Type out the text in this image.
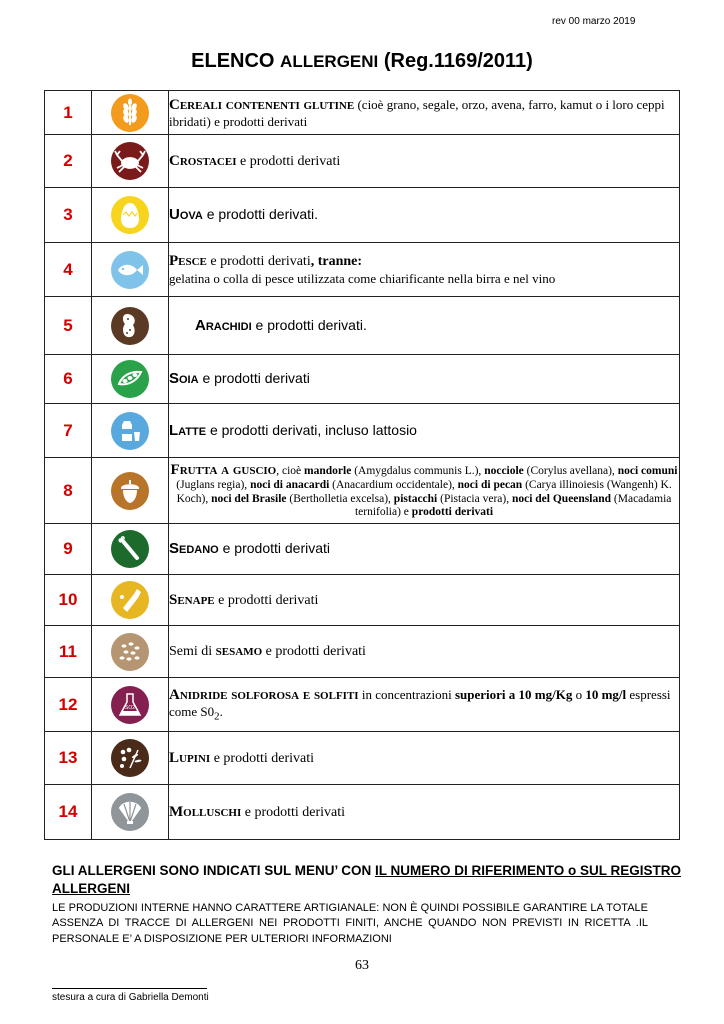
rev 00 marzo 2019
ELENCO ALLERGENI (Reg.1169/2011)
1		Cereali contenenti glutine (cioè grano, segale, orzo, avena, farro, kamut o i loro ceppi ibridati) e prodotti derivati
2		Crostacei e prodotti derivati
3		Uova e prodotti derivati.
4		Pesce e prodotti derivati, tranne:
gelatina o colla di pesce utilizzata come chiarificante nella birra e nel vino
5		Arachidi e prodotti derivati.
6		Soia e prodotti derivati
7		Latte e prodotti derivati, incluso lattosio
8		Frutta a guscio, cioè mandorle (Amygdalus communis L.), nocciole (Corylus avellana), noci comuni (Juglans regia), noci di anacardi (Anacardium occidentale), noci di pecan (Carya illinoiesis (Wangenh) K. Koch), noci del Brasile (Bertholletia excelsa), pistacchi (Pistacia vera), noci del Queensland (Macadamia ternifolia) e prodotti derivati
9		Sedano e prodotti derivati
10		Senape e prodotti derivati
11		Semi di sesamo e prodotti derivati
12	SO2	Anidride solforosa e solfiti in concentrazioni superiori a 10 mg/Kg o 10 mg/l espressi come $S0_2$.
13		Lupini e prodotti derivati
14		Molluschi e prodotti derivati
GLI ALLERGENI SONO INDICATI SUL MENU’ CON IL NUMERO DI RIFERIMENTO o SUL REGISTRO ALLERGENI
LE PRODUZIONI INTERNE HANNO CARATTERE ARTIGIANALE: NON È QUINDI POSSIBILE GARANTIRE LA TOTALE ASSENZA DI TRACCE DI ALLERGENI NEI PRODOTTI FINITI, ANCHE QUANDO NON PREVISTI IN RICETTA .IL PERSONALE E’ A DISPOSIZIONE PER ULTERIORI INFORMAZIONI
63
stesura a cura di Gabriella Demonti
